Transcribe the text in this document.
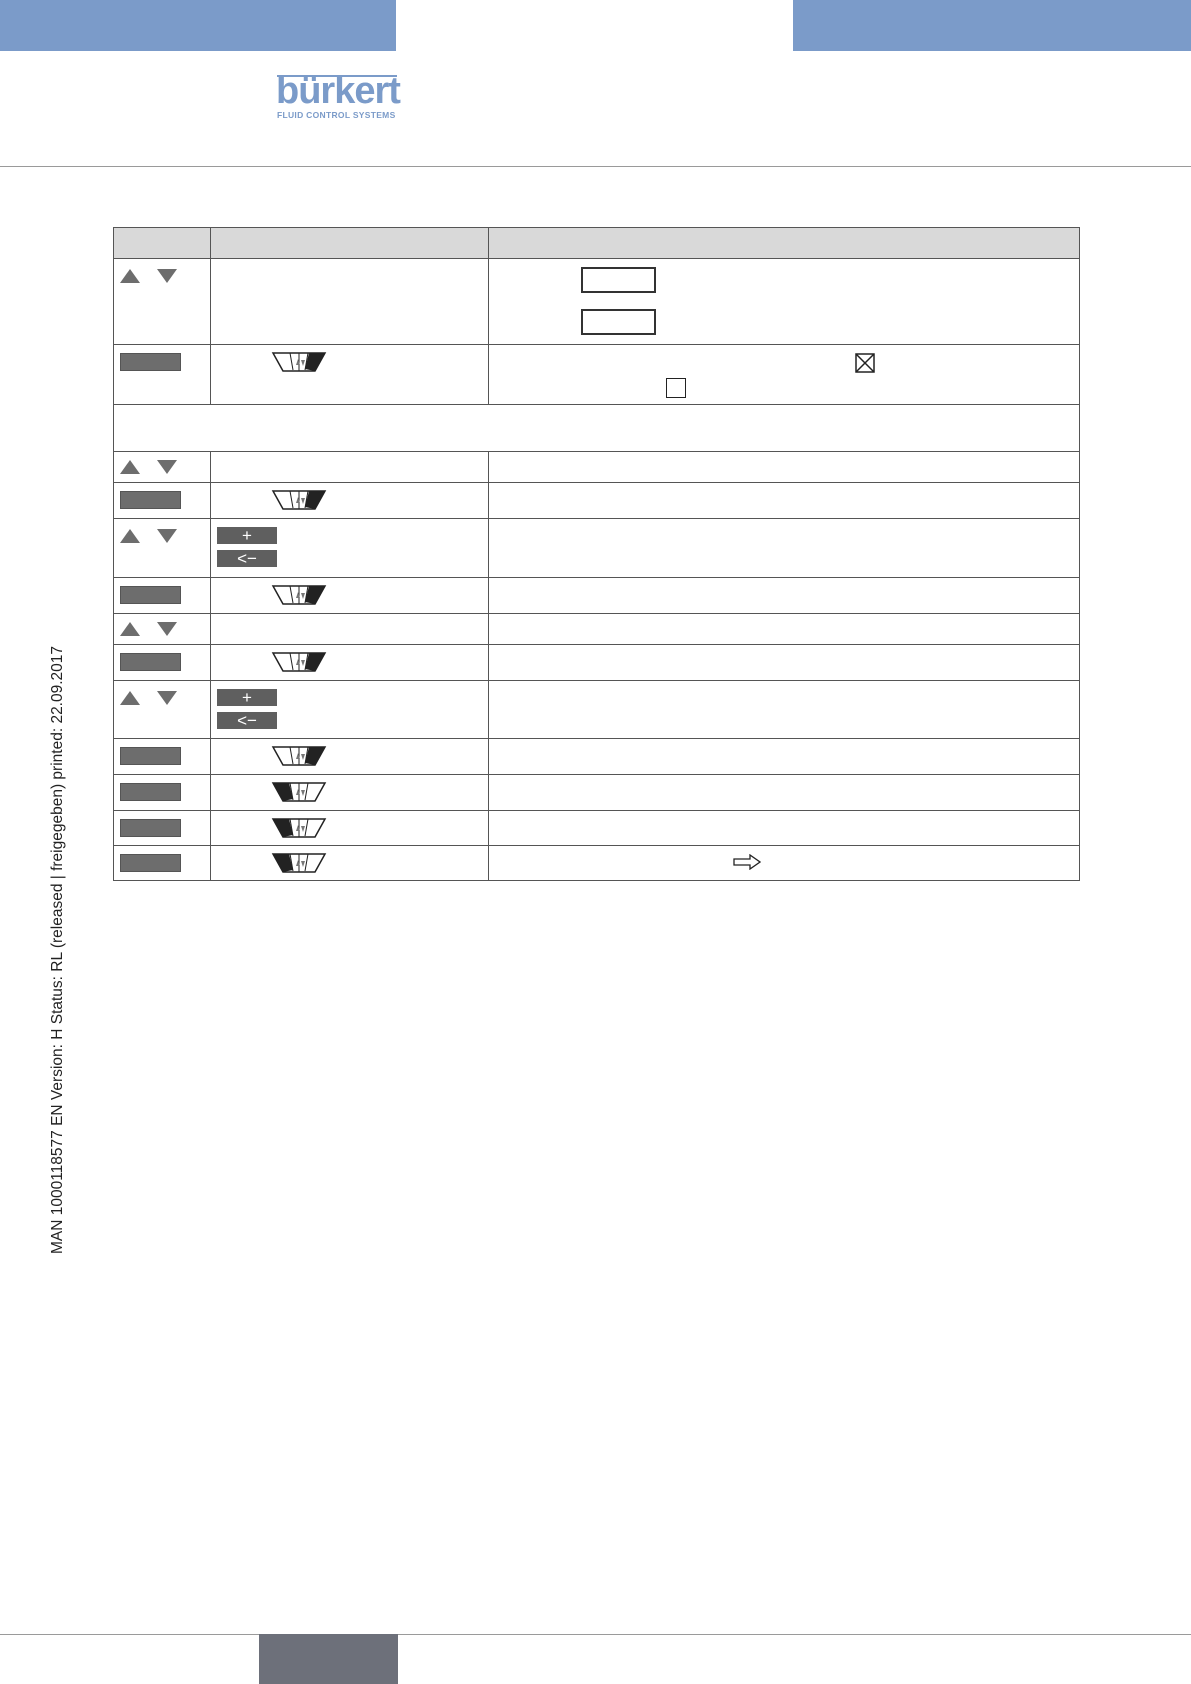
bürkert
FLUID CONTROL SYSTEMS
MAN 1000118577 EN Version: H Status: RL (released | freigegeben) printed: 22.09.2017

	+
<−	

	+
<−	
